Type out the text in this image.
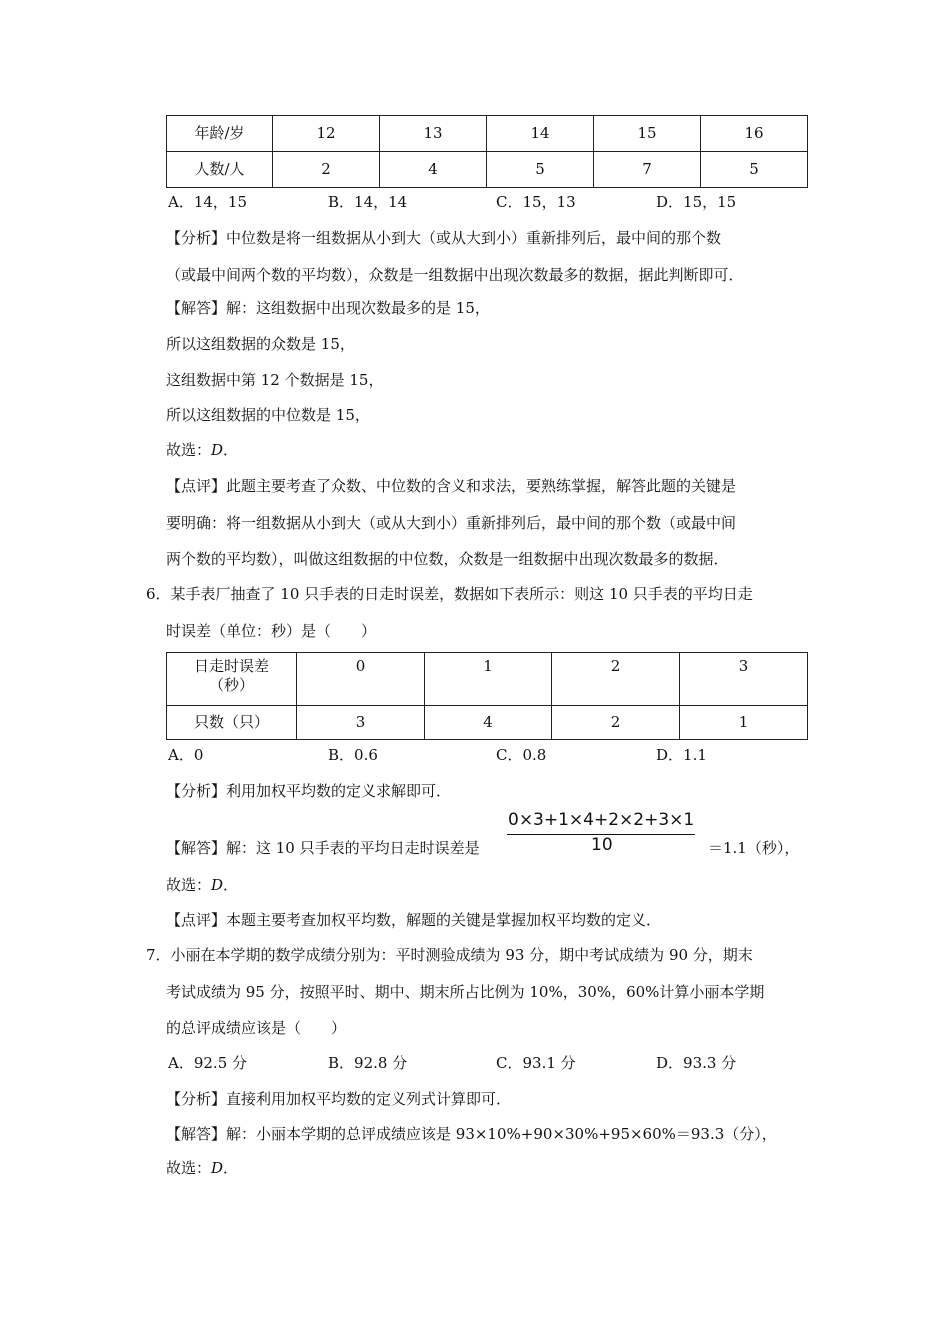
年龄/岁	12	13	14	15	16
人数/人	2	4	5	7	5
A．14，15	B．14，14	C．15，13	D．15，15
【分析】中位数是将一组数据从小到大（或从大到小）重新排列后，最中间的那个数
（或最中间两个数的平均数），众数是一组数据中出现次数最多的数据，据此判断即可．
【解答】解：这组数据中出现次数最多的是 15，
所以这组数据的众数是 15，
这组数据中第 12 个数据是 15，
所以这组数据的中位数是 15，
故选：D．
【点评】此题主要考查了众数、中位数的含义和求法，要熟练掌握，解答此题的关键是
要明确：将一组数据从小到大（或从大到小）重新排列后，最中间的那个数（或最中间
两个数的平均数），叫做这组数据的中位数，众数是一组数据中出现次数最多的数据．
6．某手表厂抽查了 10 只手表的日走时误差，数据如下表所示：则这 10 只手表的平均日走
时误差（单位：秒）是（　　）
日走时误差
（秒）	0	1	2	3
只数（只）	3	4	2	1
A．0	B．0.6	C．0.8	D．1.1
【分析】利用加权平均数的定义求解即可．
【解答】解：这 10 只手表的平均日走时误差是
0×3+1×4+2×2+3×1
10	＝1.1（秒），
故选：D．
【点评】本题主要考查加权平均数，解题的关键是掌握加权平均数的定义．
7．小丽在本学期的数学成绩分别为：平时测验成绩为 93 分，期中考试成绩为 90 分，期末
考试成绩为 95 分，按照平时、期中、期末所占比例为 10%，30%，60%计算小丽本学期
的总评成绩应该是（　　）
A．92.5 分	B．92.8 分	C．93.1 分	D．93.3 分
【分析】直接利用加权平均数的定义列式计算即可．
【解答】解：小丽本学期的总评成绩应该是 93×10%+90×30%+95×60%＝93.3（分），
故选：D．
